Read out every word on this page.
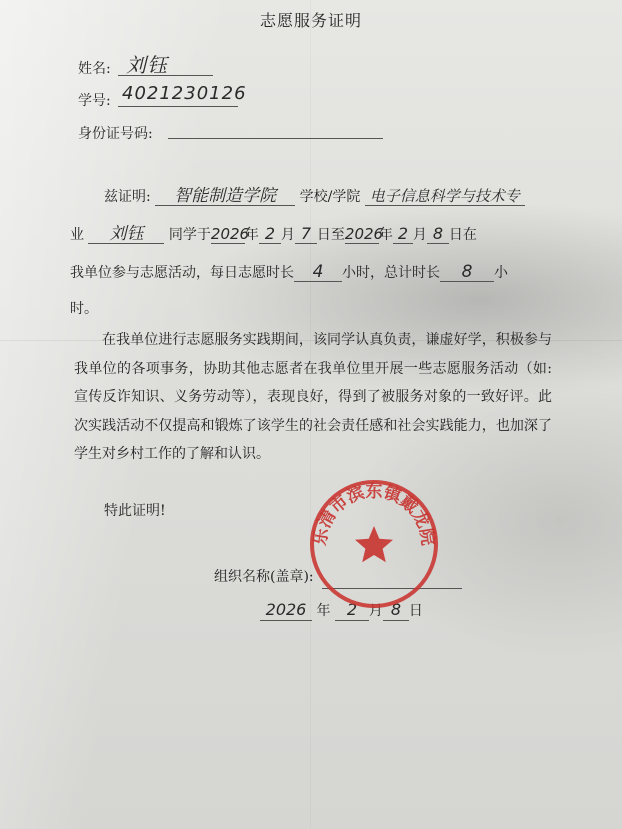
志愿服务证明
姓名: 刘钰
学号: 4021230126
身份证号码:
兹证明: 智能制造学院 学校/学院 电子信息科学与技术专
业 刘钰 同学于2026年 2 月 7 日至2026年 2 月 8 日在
我单位参与志愿活动，每日志愿时长 4 小时，总计时长 8 小
时。
在我单位进行志愿服务实践期间，该同学认真负责，谦虚好学，积极参与我单位的各项事务，协助其他志愿者在我单位里开展一些志愿服务活动（如:宣传反诈知识、义务劳动等），表现良好，得到了被服务对象的一致好评。此次实践活动不仅提高和锻炼了该学生的社会责任感和社会实践能力，也加深了学生对乡村工作的了解和认识。
特此证明!
组织名称(盖章):
2026 年 2 月 8 日
乐清市滨东镇戴龙院
